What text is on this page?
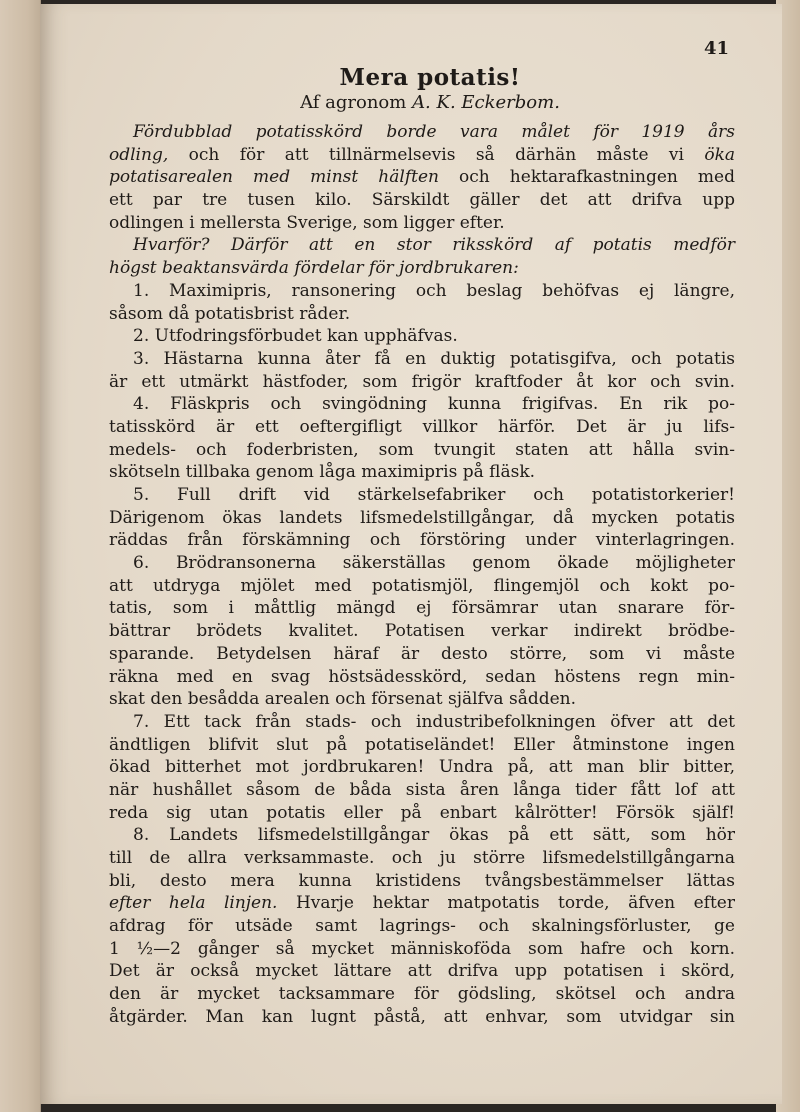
41
Mera potatis!
Af agronom A. K. Eckerbom.
Fördubblad potatisskörd borde vara målet för 1919 års
odling, och för att tillnärmelsevis så därhän måste vi öka
potatisarealen med minst hälften och hektarafkastningen med
ett par tre tusen kilo. Särskildt gäller det att drifva upp
odlingen i mellersta Sverige, som ligger efter.
Hvarför? Därför att en stor riksskörd af potatis medför
högst beaktansvärda fördelar för jordbrukaren:
1. Maximipris, ransonering och beslag behöfvas ej längre,
såsom då potatisbrist råder.
2. Utfodringsförbudet kan upphäfvas.
3. Hästarna kunna åter få en duktig potatisgifva, och potatis
är ett utmärkt hästfoder, som frigör kraftfoder åt kor och svin.
4. Fläskpris och svingödning kunna frigifvas. En rik po-
tatisskörd är ett oeftergifligt villkor härför. Det är ju lifs-
medels- och foderbristen, som tvungit staten att hålla svin-
skötseln tillbaka genom låga maximipris på fläsk.
5. Full drift vid stärkelsefabriker och potatistorkerier!
Därigenom ökas landets lifsmedelstillgångar, då mycken potatis
räddas från förskämning och förstöring under vinterlagringen.
6. Brödransonerna säkerställas genom ökade möjligheter
att utdryga mjölet med potatismjöl, flingemjöl och kokt po-
tatis, som i måttlig mängd ej försämrar utan snarare för-
bättrar brödets kvalitet. Potatisen verkar indirekt brödbe-
sparande. Betydelsen häraf är desto större, som vi måste
räkna med en svag höstsädesskörd, sedan höstens regn min-
skat den besådda arealen och försenat själfva sådden.
7. Ett tack från stads- och industribefolkningen öfver att det
ändtligen blifvit slut på potatiseländet! Eller åtminstone ingen
ökad bitterhet mot jordbrukaren! Undra på, att man blir bitter,
när hushållet såsom de båda sista åren långa tider fått lof att
reda sig utan potatis eller på enbart kålrötter! Försök själf!
8. Landets lifsmedelstillgångar ökas på ett sätt, som hör
till de allra verksammaste. och ju större lifsmedelstillgångarna
bli, desto mera kunna kristidens tvångsbestämmelser lättas
efter hela linjen. Hvarje hektar matpotatis torde, äfven efter
afdrag för utsäde samt lagrings- och skalningsförluster, ge
1 ½—2 gånger så mycket människoföda som hafre och korn.
Det är också mycket lättare att drifva upp potatisen i skörd,
den är mycket tacksammare för gödsling, skötsel och andra
åtgärder. Man kan lugnt påstå, att enhvar, som utvidgar sin
